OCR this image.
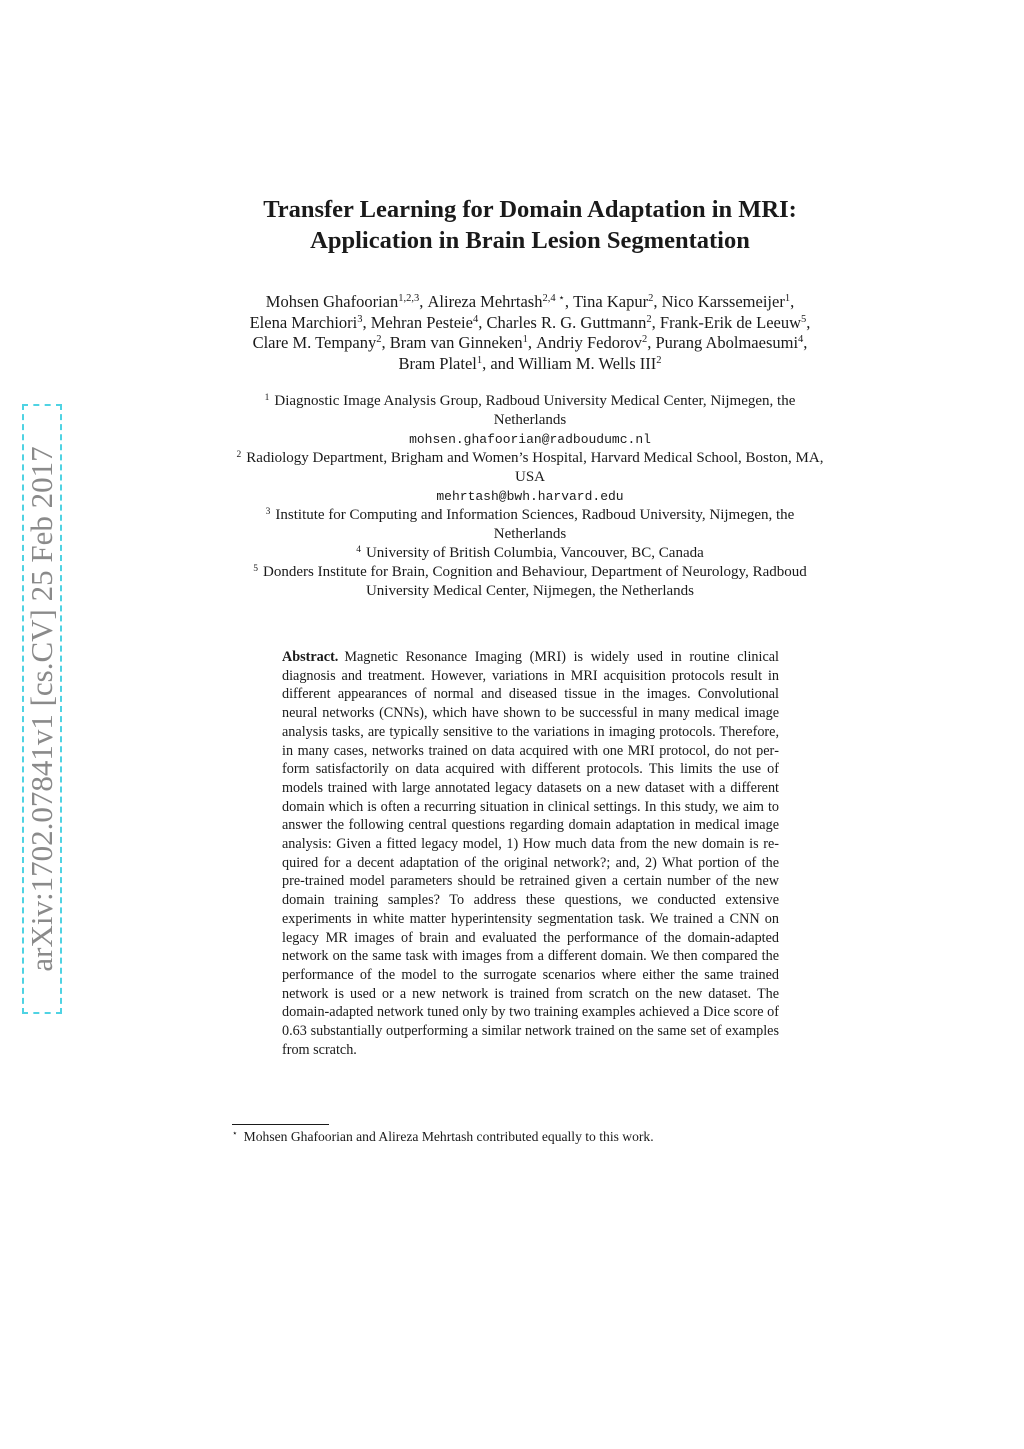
arXiv:1702.07841v1 [cs.CV] 25 Feb 2017
Transfer Learning for Domain Adaptation in MRI: Application in Brain Lesion Segmentation

Mohsen Ghafoorian$^{1,2,3}$, Alireza Mehrtash$^{2,4 ⋆}$, Tina Kapur$^2$, Nico Karssemeijer$^1$, Elena Marchiori$^3$, Mehran Pesteie$^4$, Charles R. G. Guttmann$^2$, Frank-Erik de Leeuw$^5$, Clare M. Tempany$^2$, Bram van Ginneken$^1$, Andriy Fedorov$^2$, Purang Abolmaesumi$^4$, Bram Platel$^1$, and William M. Wells III$^2$

$^1$ Diagnostic Image Analysis Group, Radboud University Medical Center, Nijmegen, the Netherlands

mohsen.ghafoorian@radboudumc.nl

$^2$ Radiology Department, Brigham and Women’s Hospital, Harvard Medical School, Boston, MA, USA

mehrtash@bwh.harvard.edu

$^3$ Institute for Computing and Information Sciences, Radboud University, Nijmegen, the Netherlands

$^4$ University of British Columbia, Vancouver, BC, Canada

$^5$ Donders Institute for Brain, Cognition and Behaviour, Department of Neurology, Radboud University Medical Center, Nijmegen, the Netherlands

Abstract. Magnetic Resonance Imaging (MRI) is widely used in routine clinical diagnosis and treatment. However, variations in MRI acquisition protocols result in different appearances of normal and diseased tissue in the images. Convolutional neural networks (CNNs), which have shown to be successful in many medical image analysis tasks, are typically sensitive to the variations in imaging protocols. Therefore, in many cases, networks trained on data acquired with one MRI protocol, do not perform satisfactorily on data acquired with different protocols. This limits the use of models trained with large annotated legacy datasets on a new dataset with a different domain which is often a recurring situation in clinical settings. In this study, we aim to answer the following central questions regarding domain adaptation in medical image analysis: Given a fitted legacy model, 1) How much data from the new domain is required for a decent adaptation of the original network?; and, 2) What portion of the pre-trained model parameters should be retrained given a certain number of the new domain training samples? To address these questions, we conducted extensive experiments in white matter hyperintensity segmentation task. We trained a CNN on legacy MR images of brain and evaluated the performance of the domain-adapted network on the same task with images from a different domain. We then compared the performance of the model to the surrogate scenarios where either the same trained network is used or a new network is trained from scratch on the new dataset. The domain-adapted network tuned only by two training examples achieved a Dice score of 0.63 substantially outperforming a similar network trained on the same set of examples from scratch.

⋆ Mohsen Ghafoorian and Alireza Mehrtash contributed equally to this work.
